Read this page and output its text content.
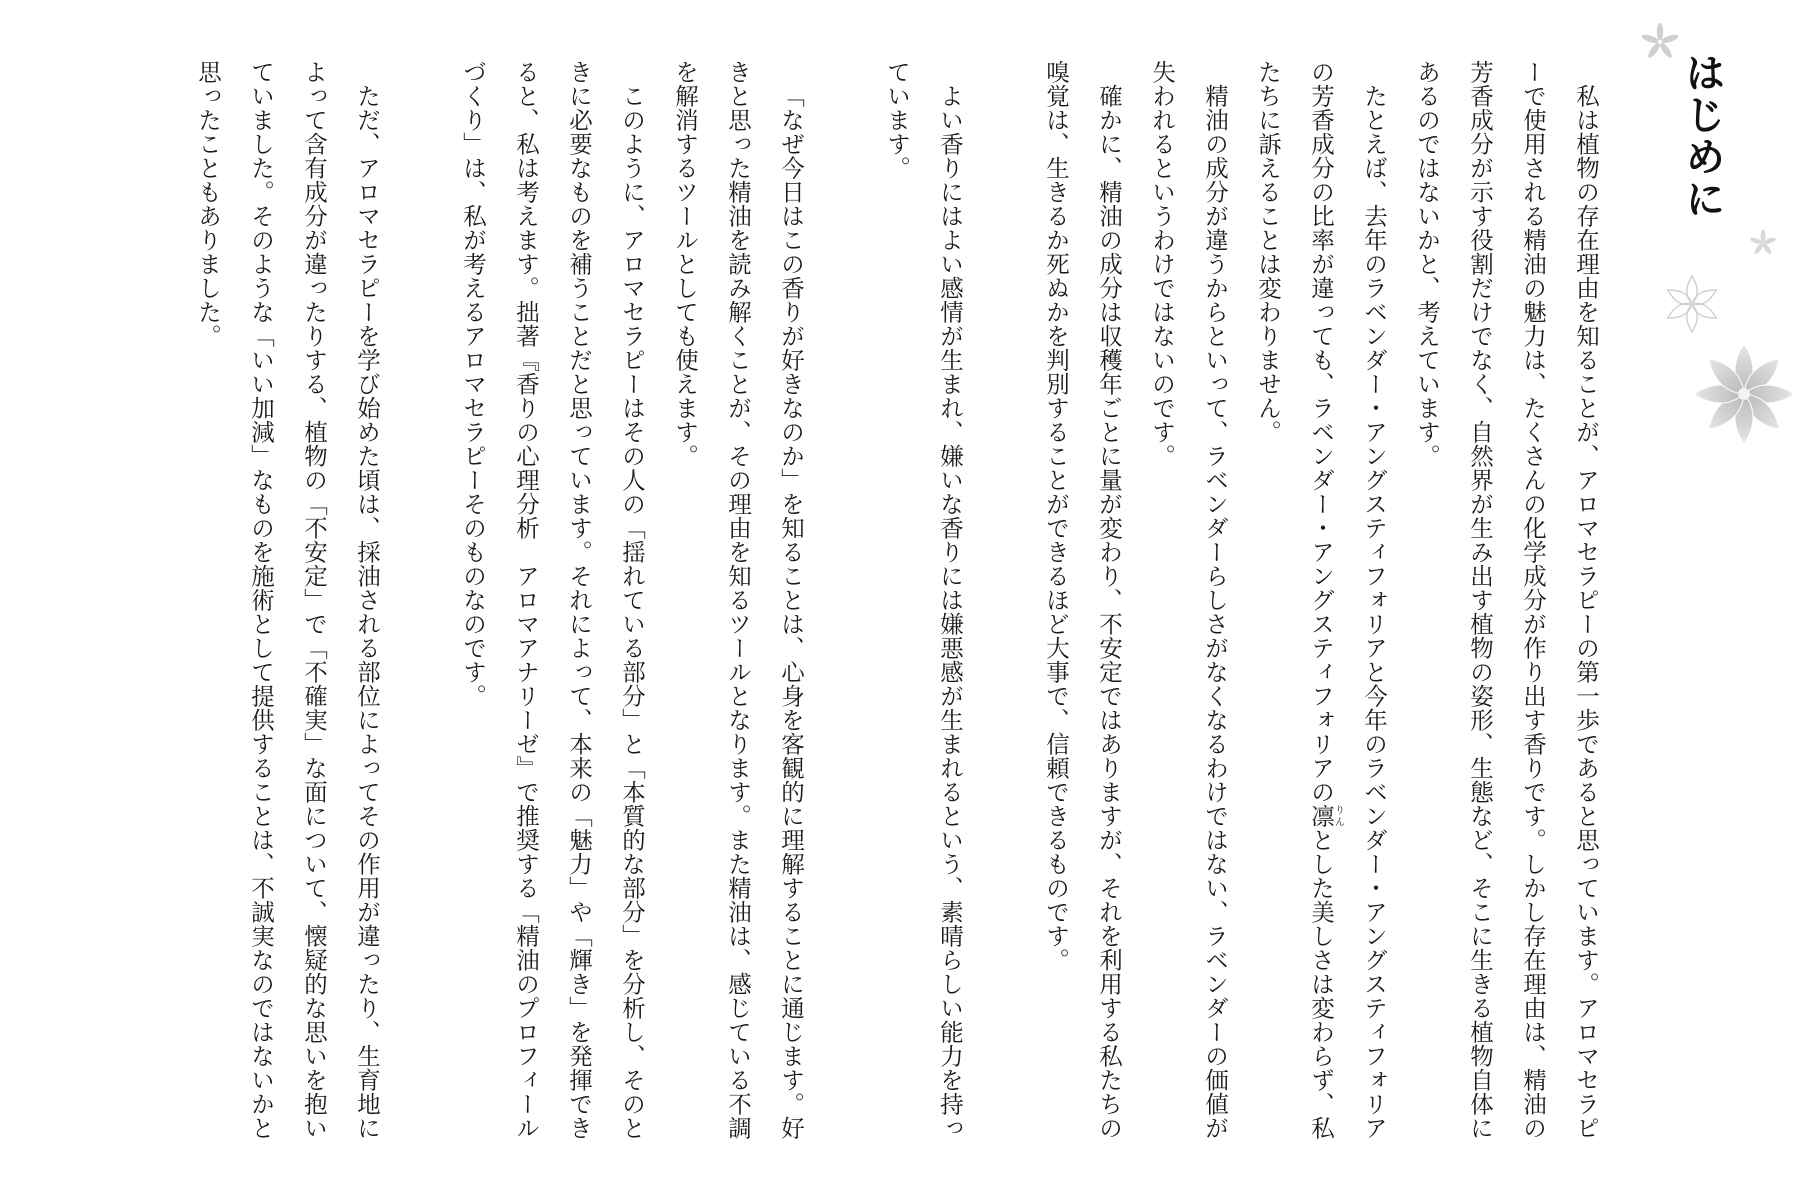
はじめに

私は植物の存在理由を知ることが、アロマセラピーの第一歩であると思っています。アロマセラピーで使用される精油の魅力は、たくさんの化学成分が作り出す香りです。しかし存在理由は、精油の芳香成分が示す役割だけでなく、自然界が生み出す植物の姿形、生態など、そこに生きる植物自体にあるのではないかと、考えています。

たとえば、去年のラベンダー・アングスティフォリアと今年のラベンダー・アングスティフォリアの芳香成分の比率が違っても、ラベンダー・アングスティフォリアの凛りんとした美しさは変わらず、私たちに訴えることは変わりません。

精油の成分が違うからといって、ラベンダーらしさがなくなるわけではない、ラベンダーの価値が失われるというわけではないのです。

確かに、精油の成分は収穫年ごとに量が変わり、不安定ではありますが、それを利用する私たちの嗅覚は、生きるか死ぬかを判別することができるほど大事で、信頼できるものです。

よい香りにはよい感情が生まれ、嫌いな香りには嫌悪感が生まれるという、素晴らしい能力を持っています。

「なぜ今日はこの香りが好きなのか」を知ることは、心身を客観的に理解することに通じます。好きと思った精油を読み解くことが、その理由を知るツールとなります。また精油は、感じている不調を解消するツールとしても使えます。

このように、アロマセラピーはその人の「揺れている部分」と「本質的な部分」を分析し、そのときに必要なものを補うことだと思っています。それによって、本来の「魅力」や「輝き」を発揮できると、私は考えます。拙著『香りの心理分析　アロマアナリーゼ』で推奨する「精油のプロフィールづくり」は、私が考えるアロマセラピーそのものなのです。

ただ、アロマセラピーを学び始めた頃は、採油される部位によってその作用が違ったり、生育地によって含有成分が違ったりする、植物の「不安定」で「不確実」な面について、懐疑的な思いを抱いていました。そのような「いい加減」なものを施術として提供することは、不誠実なのではないかと思ったこともありました。
